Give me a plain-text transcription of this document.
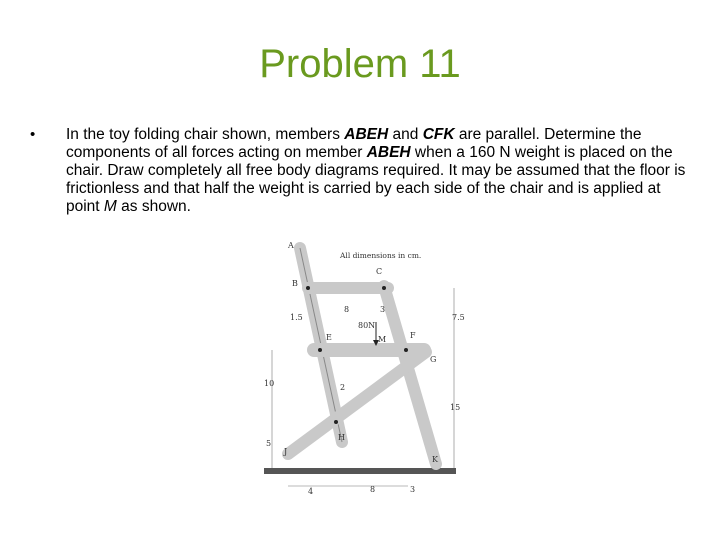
Problem 11
• In the toy folding chair shown, members ABEH and CFK are parallel. Determine the components of all forces acting on member ABEH when a 160 N weight is placed on the chair. Draw completely all free body diagrams required. It may be assumed that the floor is frictionless and that half the weight is carried by each side of the chair and is applied at point M as shown.
A
All dimensions in cm.
C
B
1.5
8	3
7.5
80N
F
E	M
G
10	2
15
H
5
J
K
4	8	3
